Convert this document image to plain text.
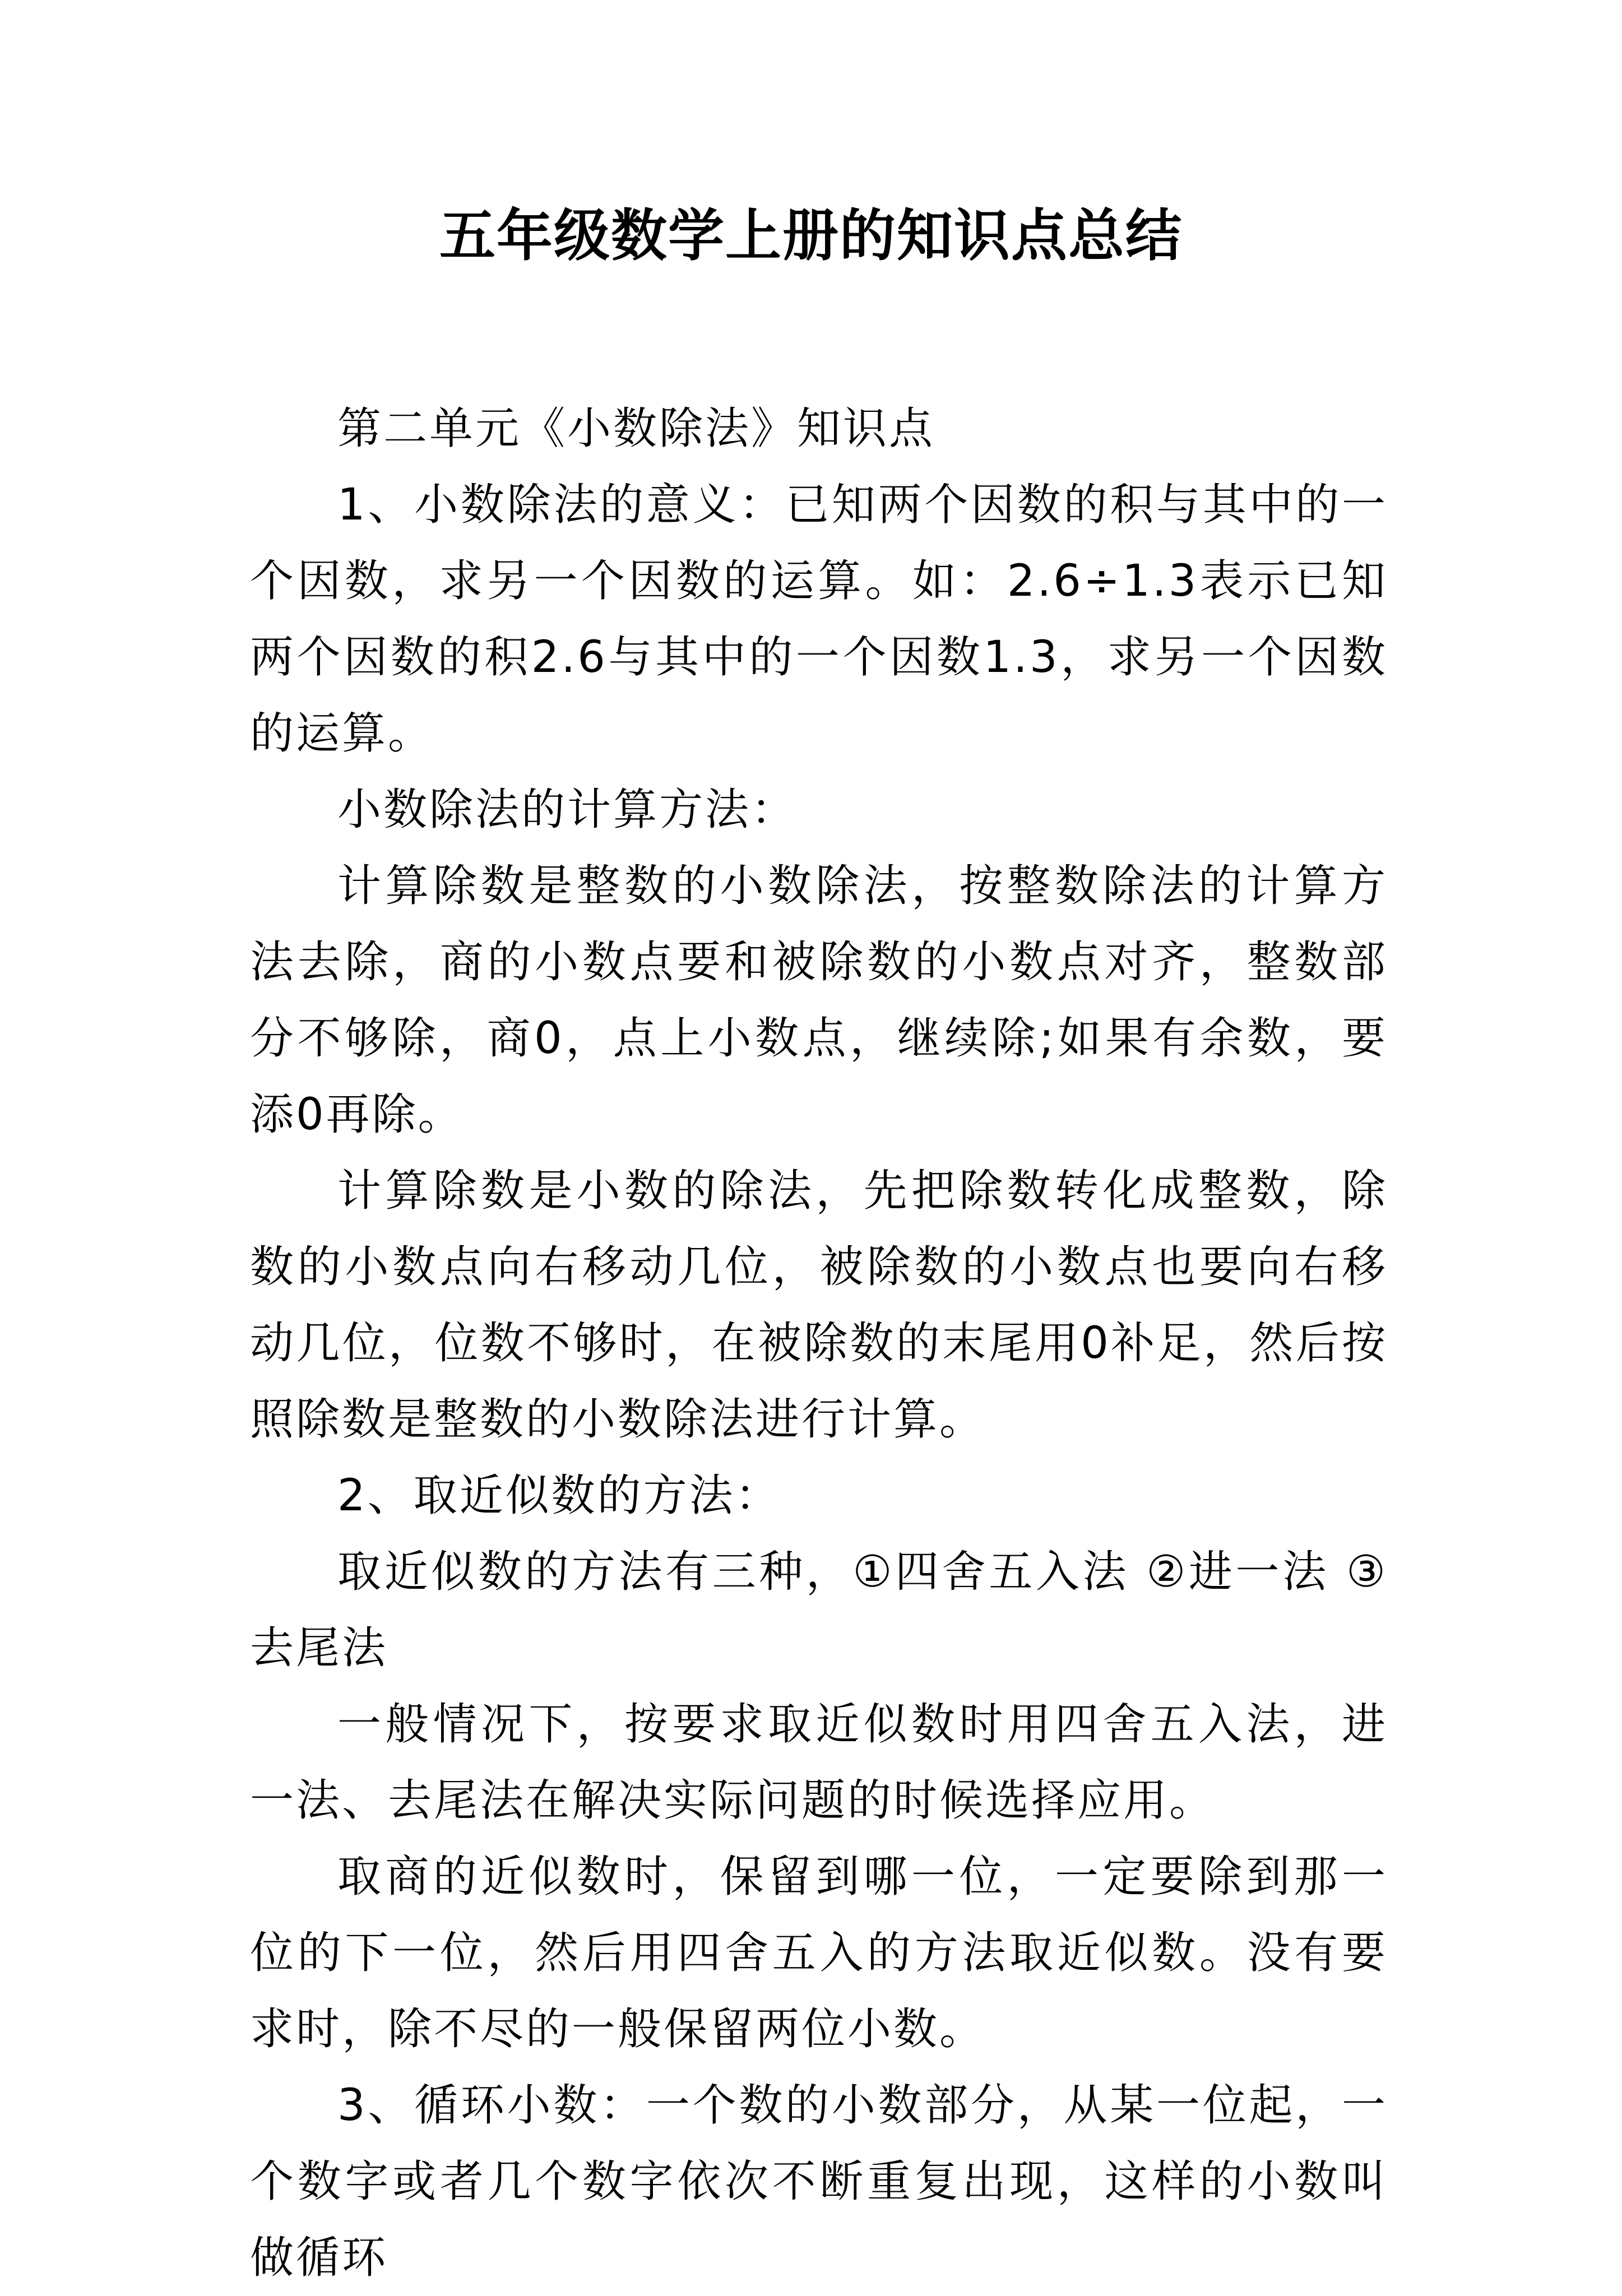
五年级数学上册的知识点总结

第二单元《小数除法》知识点

1、小数除法的意义：已知两个因数的积与其中的一个因数，求另一个因数的运算。如：2.6÷1.3表示已知两个因数的积2.6与其中的一个因数1.3，求另一个因数的运算。

小数除法的计算方法：

计算除数是整数的小数除法，按整数除法的计算方法去除，商的小数点要和被除数的小数点对齐，整数部分不够除，商0，点上小数点，继续除;如果有余数，要添0再除。

计算除数是小数的除法，先把除数转化成整数，除数的小数点向右移动几位，被除数的小数点也要向右移动几位，位数不够时，在被除数的末尾用0补足，然后按照除数是整数的小数除法进行计算。

2、取近似数的方法：

取近似数的方法有三种，①四舍五入法 ②进一法 ③去尾法

一般情况下，按要求取近似数时用四舍五入法，进一法、去尾法在解决实际问题的时候选择应用。

取商的近似数时，保留到哪一位，一定要除到那一位的下一位，然后用四舍五入的方法取近似数。没有要求时，除不尽的一般保留两位小数。

3、循环小数：一个数的小数部分，从某一位起，一个数字或者几个数字依次不断重复出现，这样的小数叫做循环
